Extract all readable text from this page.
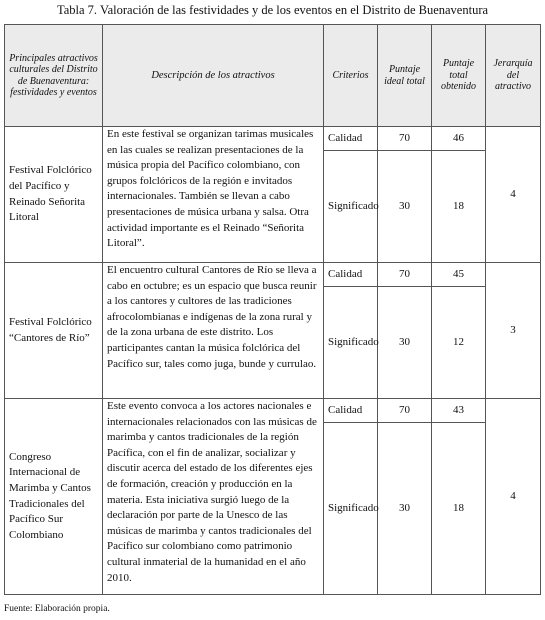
Tabla 7. Valoración de las festividades y de los eventos en el Distrito de Buenaventura
Principales atractivos culturales del Distrito de Buenaventura: festividades y eventos	Descripción de los atractivos	Criterios	Puntaje ideal total	Puntaje total obtenido	Jerarquía del atractivo
Festival Folclórico del Pacífico y Reinado Señorita Litoral	En este festival se organizan tarimas musicales en las cuales se realizan presentaciones de la música propia del Pacífico colombiano, con grupos folclóricos de la región e invitados internacionales. También se llevan a cabo presentaciones de música urbana y salsa. Otra actividad importante es el Reinado “Señorita Litoral”.	Calidad	70	46	4
		Significado	30	18	
Festival Folclórico “Cantores de Río”	El encuentro cultural Cantores de Río se lleva a cabo en octubre; es un espacio que busca reunir a los cantores y cultores de las tradiciones afrocolombianas e indígenas de la zona rural y de la zona urbana de este distrito. Los participantes cantan la música folclórica del Pacífico sur, tales como juga, bunde y currulao.	Calidad	70	45	3
		Significado	30	12	
Congreso Internacional de Marimba y Cantos Tradicionales del Pacífico Sur Colombiano	Este evento convoca a los actores nacionales e internacionales relacionados con las músicas de marimba y cantos tradicionales de la región Pacífica, con el fin de analizar, socializar y discutir acerca del estado de los diferentes ejes de formación, creación y producción en la materia. Esta iniciativa surgió luego de la declaración por parte de la Unesco de las músicas de marimba y cantos tradicionales del Pacífico sur colombiano como patrimonio cultural inmaterial de la humanidad en el año 2010.	Calidad	70	43	4
		Significado	30	18	
Fuente: Elaboración propia.
